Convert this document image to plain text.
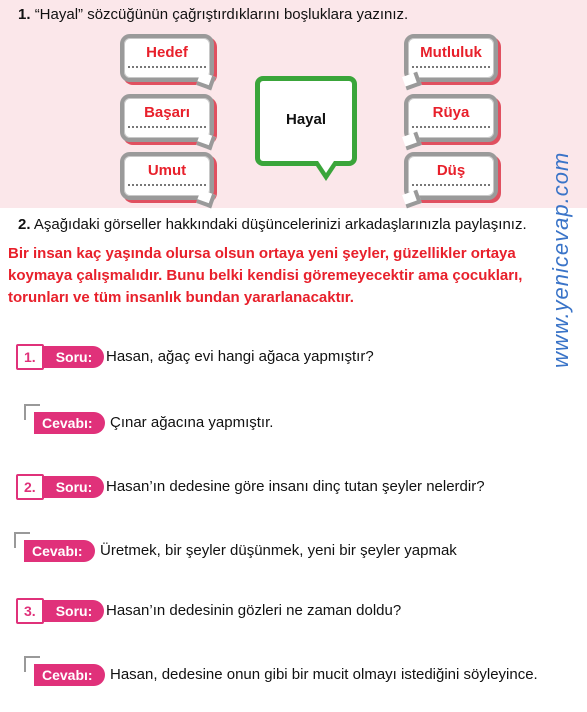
1. “Hayal” sözcüğünün çağrıştırdıklarını boşluklara yazınız.
Hedef
Başarı
Umut
Hayal
Mutluluk
Rüya
Düş
2. Aşağıdaki görseller hakkındaki düşüncelerinizi arkadaşlarınızla paylaşınız.
Bir insan kaç yaşında olursa olsun ortaya yeni şeyler, güzellikler ortaya koymaya çalışmalıdır. Bunu belki kendisi göremeyecektir ama çocukları, torunları ve tüm insanlık bundan yararlanacaktır.
1.	Soru: Hasan, ağaç evi hangi ağaca yapmıştır?
Cevabı: Çınar ağacına yapmıştır.
2.	Soru: Hasan’ın dedesine göre insanı dinç tutan şeyler nelerdir?
Cevabı: Üretmek, bir şeyler düşünmek, yeni bir şeyler yapmak
3.	Soru: Hasan’ın dedesinin gözleri ne zaman doldu?
Cevabı: Hasan, dedesine onun gibi bir mucit olmayı istediğini söyleyince.
www.yenicevap.com
